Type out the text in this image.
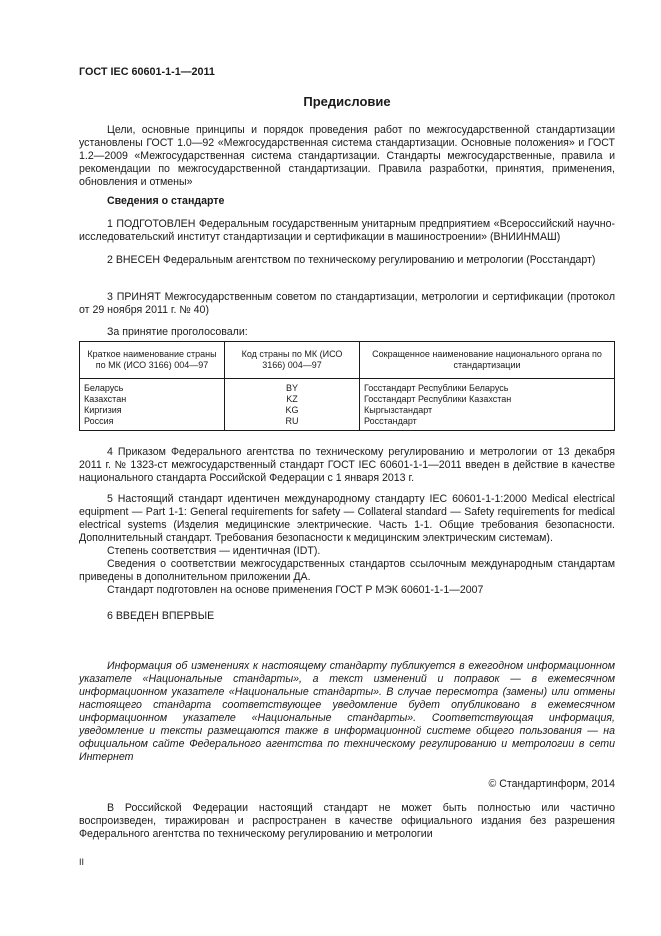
ГОСТ IEC 60601-1-1—2011
Предисловие

Цели, основные принципы и порядок проведения работ по межгосударственной стандартизации установлены ГОСТ 1.0—92 «Межгосударственная система стандартизации. Основные положения» и ГОСТ 1.2—2009 «Межгосударственная система стандартизации. Стандарты межгосударственные, правила и рекомендации по межгосударственной стандартизации. Правила разработки, принятия, применения, обновления и отмены»

Сведения о стандарте

1 ПОДГОТОВЛЕН Федеральным государственным унитарным предприятием «Всероссийский научно-исследовательский институт стандартизации и сертификации в машиностроении» (ВНИИНМАШ)

2 ВНЕСЕН Федеральным агентством по техническому регулированию и метрологии (Росстандарт)

3 ПРИНЯТ Межгосударственным советом по стандартизации, метрологии и сертификации (протокол от 29 ноября 2011 г. № 40)

За принятие проголосовали:

Краткое наименование страны по МК (ИСО 3166) 004—97	Код страны по МК (ИСО 3166) 004—97	Сокращенное наименование национального органа по стандартизации
Беларусь	BY	Госстандарт Республики Беларусь
Казахстан	KZ	Госстандарт Республики Казахстан
Киргизия	KG	Кыргызстандарт
Россия	RU	Росстандарт

4 Приказом Федерального агентства по техническому регулированию и метрологии от 13 декабря 2011 г. № 1323-ст межгосударственный стандарт ГОСТ IEC 60601-1-1—2011 введен в действие в качестве национального стандарта Российской Федерации с 1 января 2013 г.

5 Настоящий стандарт идентичен международному стандарту IEC 60601-1-1:2000 Medical electrical equipment — Part 1-1: General requirements for safety — Collateral standard — Safety requirements for medical electrical systems (Изделия медицинские электрические. Часть 1-1. Общие требования безопасности. Дополнительный стандарт. Требования безопасности к медицинским электрическим системам).

Степень соответствия — идентичная (IDT).

Сведения о соответствии межгосударственных стандартов ссылочным международным стандартам приведены в дополнительном приложении ДА.

Стандарт подготовлен на основе применения ГОСТ Р МЭК 60601-1-1—2007

6 ВВЕДЕН ВПЕРВЫЕ

Информация об изменениях к настоящему стандарту публикуется в ежегодном информационном указателе «Национальные стандарты», а текст изменений и поправок — в ежемесячном информационном указателе «Национальные стандарты». В случае пересмотра (замены) или отмены настоящего стандарта соответствующее уведомление будет опубликовано в ежемесячном информационном указателе «Национальные стандарты». Соответствующая информация, уведомление и тексты размещаются также в информационной системе общего пользования — на официальном сайте Федерального агентства по техническому регулированию и метрологии в сети Интернет

© Стандартинформ, 2014

В Российской Федерации настоящий стандарт не может быть полностью или частично воспроизведен, тиражирован и распространен в качестве официального издания без разрешения Федерального агентства по техническому регулированию и метрологии

II
